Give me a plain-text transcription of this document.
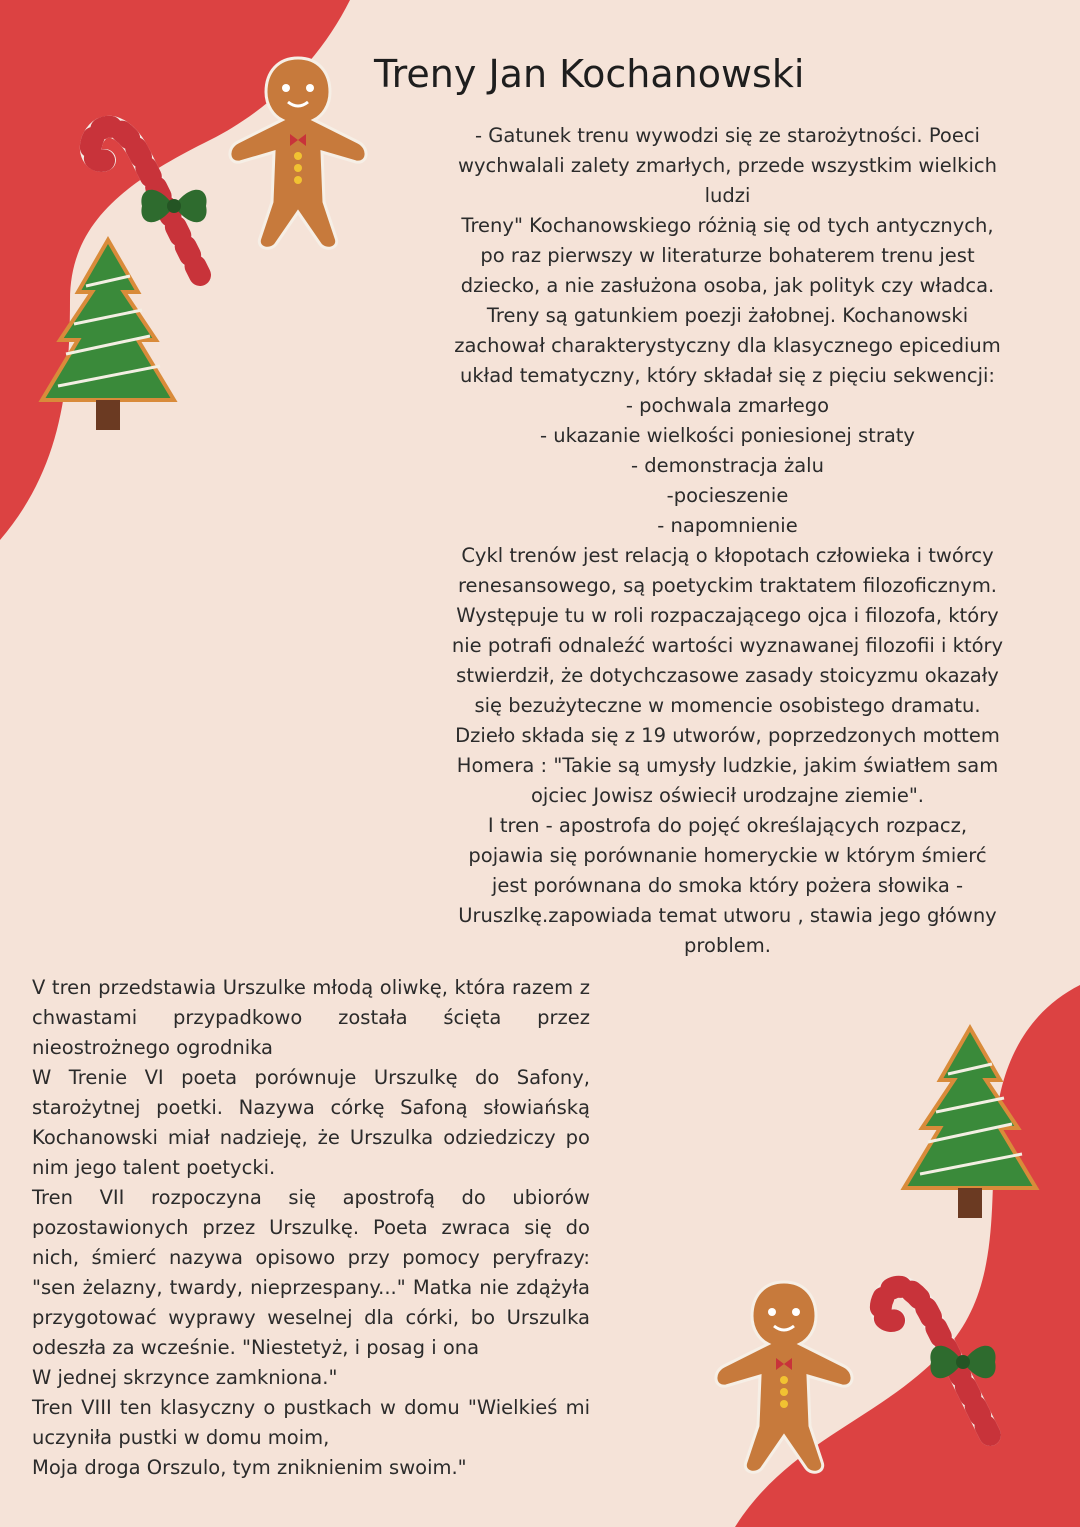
Treny Jan Kochanowski

- Gatunek trenu wywodzi się ze starożytności. Poeci

wychwalali zalety zmarłych, przede wszystkim wielkich

ludzi

Treny" Kochanowskiego różnią się od tych antycznych,

po raz pierwszy w literaturze bohaterem trenu jest

dziecko, a nie zasłużona osoba, jak polityk czy władca.

Treny są gatunkiem poezji żałobnej. Kochanowski

zachował charakterystyczny dla klasycznego epicedium

układ tematyczny, który składał się z pięciu sekwencji:

- pochwala zmarłego

- ukazanie wielkości poniesionej straty

- demonstracja żalu

-pocieszenie

- napomnienie

Cykl trenów jest relacją o kłopotach człowieka i twórcy

renesansowego, są poetyckim traktatem filozoficznym.

Występuje tu w roli rozpaczającego ojca i filozofa, który

nie potrafi odnaleźć wartości wyznawanej filozofii i który

stwierdził, że dotychczasowe zasady stoicyzmu okazały

się bezużyteczne w momencie osobistego dramatu.

Dzieło składa się z 19 utworów, poprzedzonych mottem

Homera : "Takie są umysły ludzkie, jakim światłem sam

ojciec Jowisz oświecił urodzajne ziemie".

I tren - apostrofa do pojęć określających rozpacz,

pojawia się porównanie homeryckie w którym śmierć

jest porównana do smoka który pożera słowika -

Uruszlkę.zapowiada temat utworu , stawia jego główny

problem.

V tren przedstawia Urszulke młodą oliwkę, która razem z chwastami przypadkowo została ścięta przez nieostrożnego ogrodnika

W Trenie VI poeta porównuje Urszulkę do Safony, starożytnej poetki. Nazywa córkę Safoną słowiańską Kochanowski miał nadzieję, że Urszulka odziedziczy po nim jego talent poetycki.

Tren VII rozpoczyna się apostrofą do ubiorów pozostawionych przez Urszulkę. Poeta zwraca się do nich, śmierć nazywa opisowo przy pomocy peryfrazy: "sen żelazny, twardy, nieprzespany..." Matka nie zdążyła przygotować wyprawy weselnej dla córki, bo Urszulka odeszła za wcześnie. "Niestetyż, i posag i ona

W jednej skrzynce zamkniona."

Tren VIII ten klasyczny o pustkach w domu "Wielkieś mi uczyniła pustki w domu moim,

Moja droga Orszulo, tym zniknienim swoim."
